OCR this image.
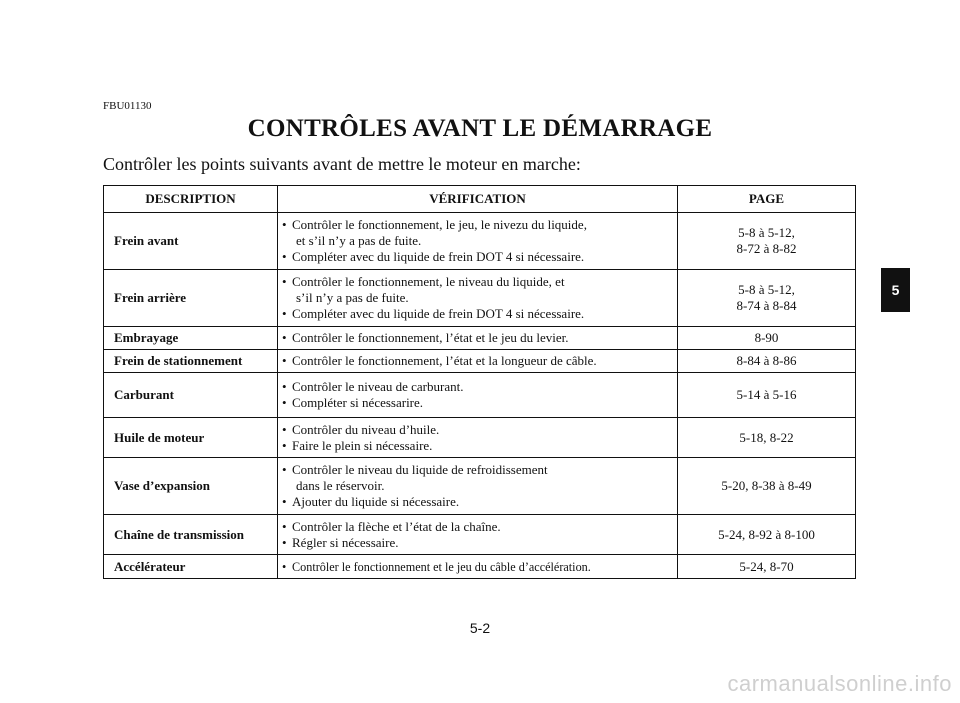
FBU01130
CONTRÔLES AVANT LE DÉMARRAGE
Contrôler les points suivants avant de mettre le moteur en marche:
DESCRIPTION	VÉRIFICATION	PAGE
Frein avant	• Contrôler le fonctionnement, le jeu, le nivezu du liquide,
et s’il n’y a pas de fuite.
• Compléter avec du liquide de frein DOT 4 si nécessaire.	5-8 à 5-12,
8-72 à 8-82

Frein arrière	• Contrôler le fonctionnement, le niveau du liquide, et
s’il n’y a pas de fuite.
• Compléter avec du liquide de frein DOT 4 si nécessaire.	5-8 à 5-12,
8-74 à 8-84

Embrayage	• Contrôler le fonctionnement, l’état et le jeu du levier.	8-90

Frein de stationnement	• Contrôler le fonctionnement, l’état et la longueur de câble.	8-84 à 8-86

Carburant	• Contrôler le niveau de carburant.
• Compléter si nécessarire.	5-14 à 5-16

Huile de moteur	• Contrôler du niveau d’huile.
• Faire le plein si nécessaire.	5-18, 8-22

Vase d’expansion	• Contrôler le niveau du liquide de refroidissement
dans le réservoir.
• Ajouter du liquide si nécessaire.	5-20, 8-38 à 8-49

Chaîne de transmission	• Contrôler la flèche et l’état de la chaîne.
• Régler si nécessaire.	5-24, 8-92 à 8-100

Accélérateur	• Contrôler le fonctionnement et le jeu du câble d’accélération.	5-24, 8-70
5
5-2
carmanualsonline.info
